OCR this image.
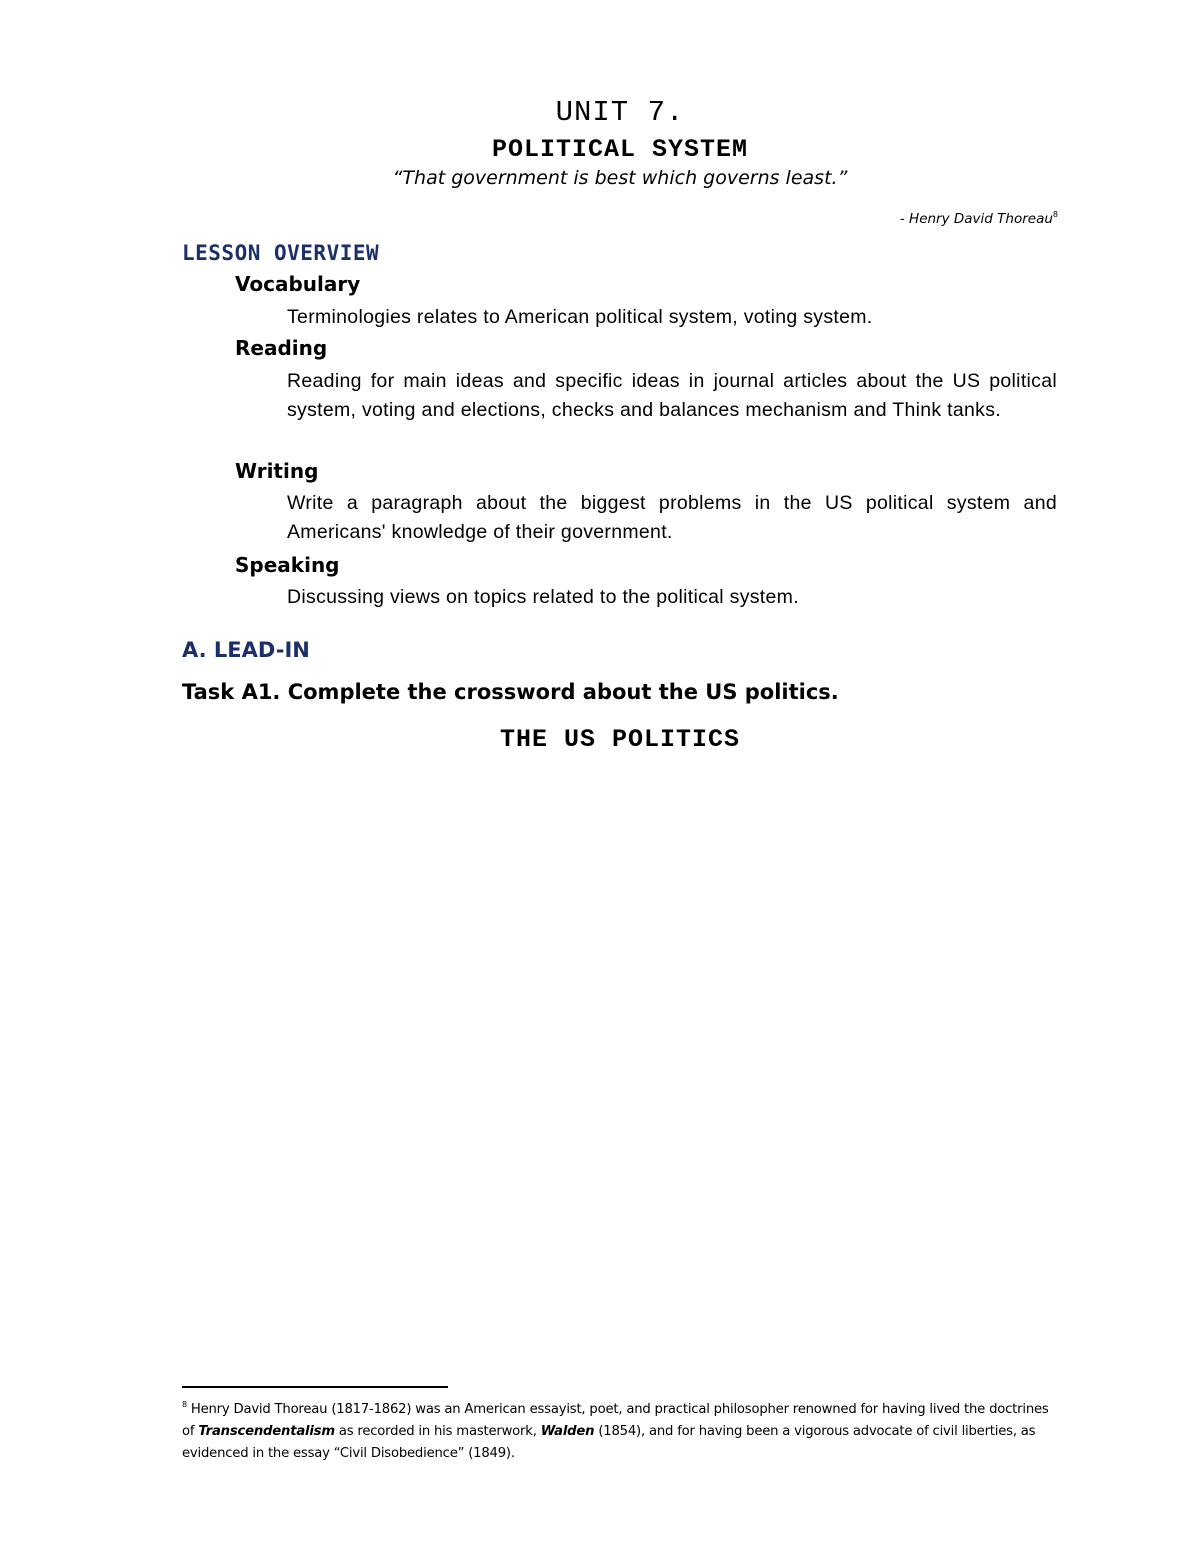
UNIT 7.
POLITICAL SYSTEM
“That government is best which governs least.”
- Henry David Thoreau$^8$
LESSON OVERVIEW
Vocabulary
Terminologies relates to American political system, voting system.
Reading
Reading for main ideas and specific ideas in journal articles about the US political system, voting and elections, checks and balances mechanism and Think tanks.
Writing
Write a paragraph about the biggest problems in the US political system and Americans' knowledge of their government.
Speaking
Discussing views on topics related to the political system.
A. LEAD-IN
Task A1. Complete the crossword about the US politics.
THE US POLITICS
$^8$ Henry David Thoreau (1817-1862) was an American essayist, poet, and practical philosopher renowned for having lived the doctrines of Transcendentalism as recorded in his masterwork, Walden (1854), and for having been a vigorous advocate of civil liberties, as evidenced in the essay “Civil Disobedience” (1849).
